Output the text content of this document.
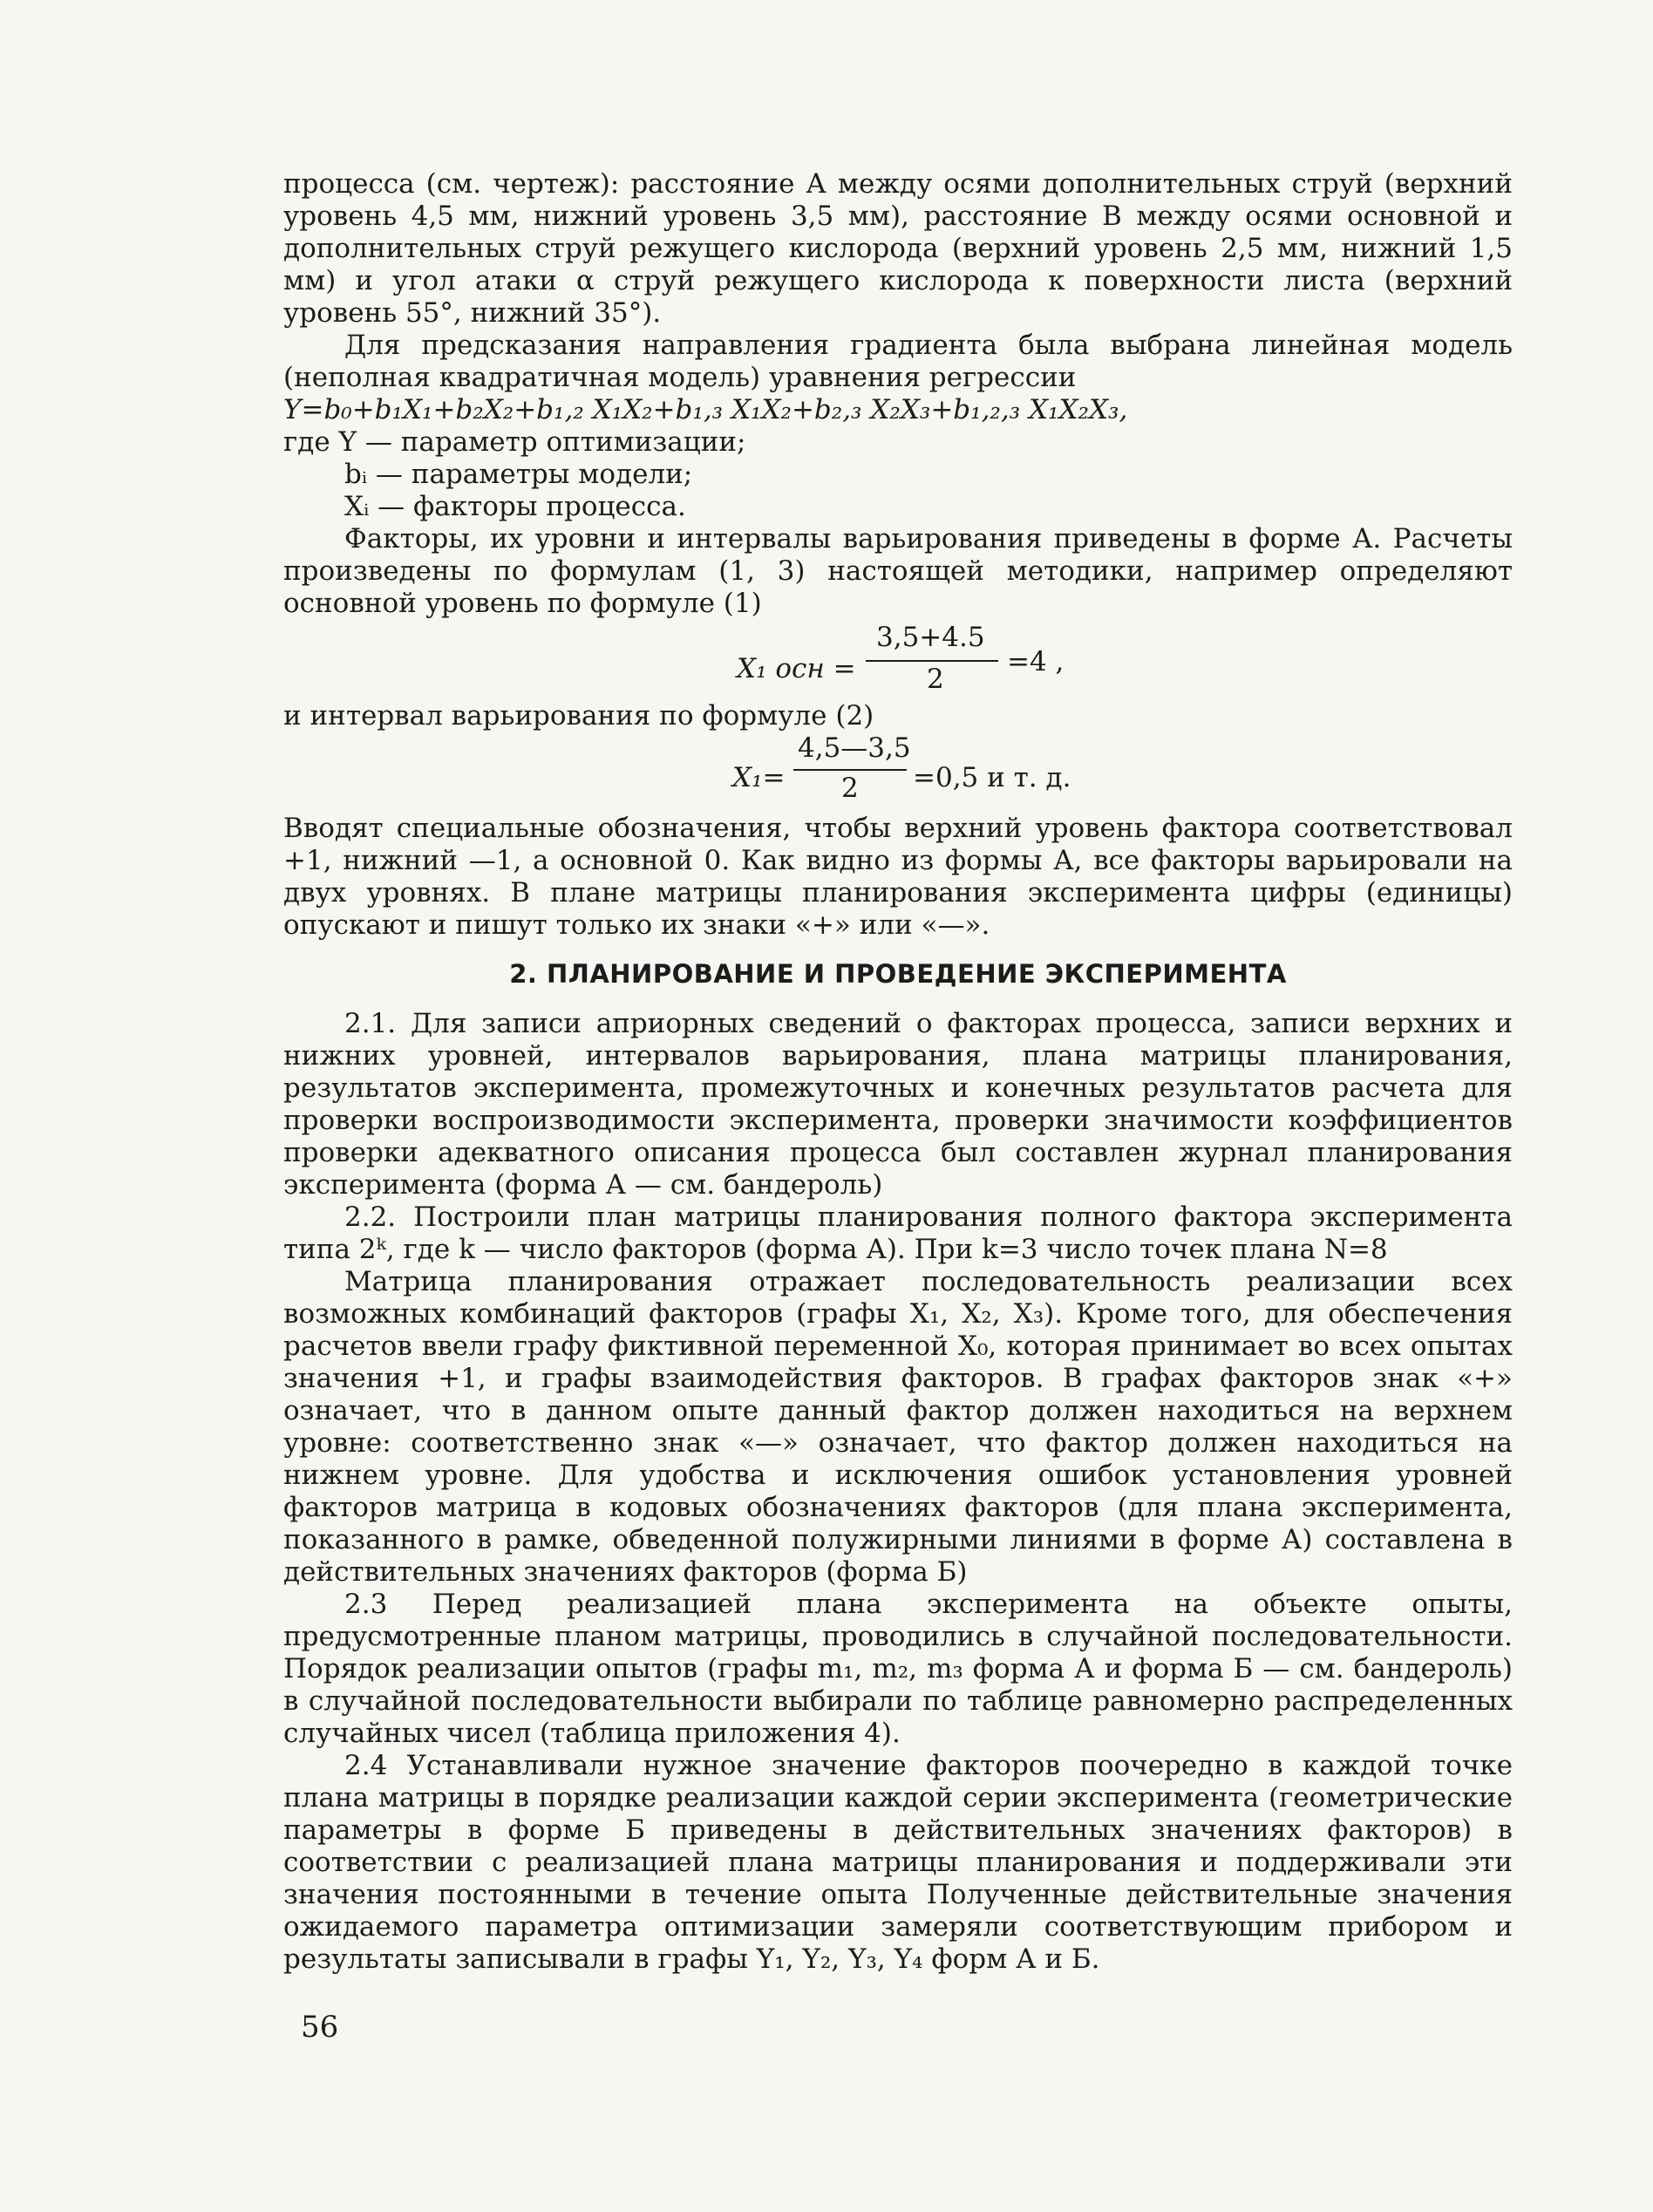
процесса (см. чертеж): расстояние А между осями дополнительных струй (верхний уровень 4,5 мм, нижний уровень 3,5 мм), расстояние В между осями основной и дополнительных струй режущего кислорода (верхний уровень 2,5 мм, нижний 1,5 мм) и угол атаки α струй режущего кислорода к поверхности листа (верхний уровень 55°, нижний 35°).

Для предсказания направления градиента была выбрана линейная модель (неполная квадратичная модель) уравнения регрессии

Y=b₀+b₁X₁+b₂X₂+b₁,₂ X₁X₂+b₁,₃ X₁X₂+b₂,₃ X₂X₃+b₁,₂,₃ X₁X₂X₃,

где Y — параметр оптимизации;

bᵢ — параметры модели;

Xᵢ — факторы процесса.

Факторы, их уровни и интервалы варьирования приведены в форме А. Расчеты произведены по формулам (1, 3) настоящей методики, например определяют основной уровень по формуле (1)

X₁ осн =
3,5+4.5
2
=4 ,

и интервал варьирования по формуле (2)

X₁=
4,5—3,5
2 =0,5 и т. д.

Вводят специальные обозначения, чтобы верхний уровень фактора соответствовал +1, нижний —1, а основной 0. Как видно из формы А, все факторы варьировали на двух уровнях. В плане матрицы планирования эксперимента цифры (единицы) опускают и пишут только их знаки «+» или «—».

2. ПЛАНИРОВАНИЕ И ПРОВЕДЕНИЕ ЭКСПЕРИМЕНТА

2.1. Для записи априорных сведений о факторах процесса, записи верхних и нижних уровней, интервалов варьирования, плана матрицы планирования, результатов эксперимента, промежуточных и конечных результатов расчета для проверки воспроизводимости эксперимента, проверки значимости коэффициентов проверки адекватного описания процесса был составлен журнал планирования эксперимента (форма А — см. бандероль)

2.2. Построили план матрицы планирования полного фактора эксперимента типа 2ᵏ, где k — число факторов (форма А). При k=3 число точек плана N=8

Матрица планирования отражает последовательность реализации всех возможных комбинаций факторов (графы X₁, X₂, X₃). Кроме того, для обеспечения расчетов ввели графу фиктивной переменной X₀, которая принимает во всех опытах значения +1, и графы взаимодействия факторов. В графах факторов знак «+» означает, что в данном опыте данный фактор должен находиться на верхнем уровне: соответственно знак «—» означает, что фактор должен находиться на нижнем уровне. Для удобства и исключения ошибок установления уровней факторов матрица в кодовых обозначениях факторов (для плана эксперимента, показанного в рамке, обведенной полужирными линиями в форме А) составлена в действительных значениях факторов (форма Б)

2.3 Перед реализацией плана эксперимента на объекте опыты, предусмотренные планом матрицы, проводились в случайной последовательности. Порядок реализации опытов (графы m₁, m₂, m₃ форма А и форма Б — см. бандероль) в случайной последовательности выбирали по таблице равномерно распределенных случайных чисел (таблица приложения 4).

2.4 Устанавливали нужное значение факторов поочередно в каждой точке плана матрицы в порядке реализации каждой серии эксперимента (геометрические параметры в форме Б приведены в действительных значениях факторов) в соответствии с реализацией плана матрицы планирования и поддерживали эти значения постоянными в течение опыта Полученные действительные значения ожидаемого параметра оптимизации замеряли соответствующим прибором и результаты записывали в графы Y₁, Y₂, Y₃, Y₄ форм А и Б.

56
